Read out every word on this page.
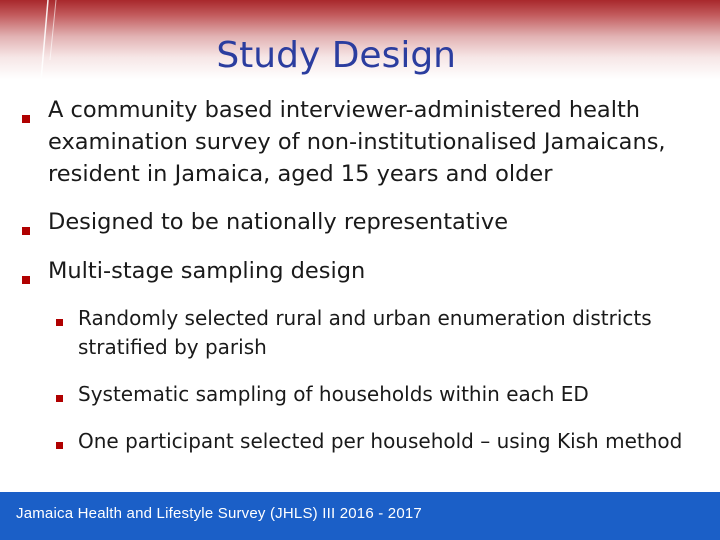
Study Design
A community based interviewer-administered health examination survey of non-institutionalised Jamaicans, resident in Jamaica, aged 15 years and older
Designed to be nationally representative
Multi-stage sampling design
Randomly selected rural and urban enumeration districts stratified by parish
Systematic sampling of households within each ED
One participant selected per household – using Kish method
Jamaica Health and Lifestyle Survey (JHLS) III 2016 - 2017
